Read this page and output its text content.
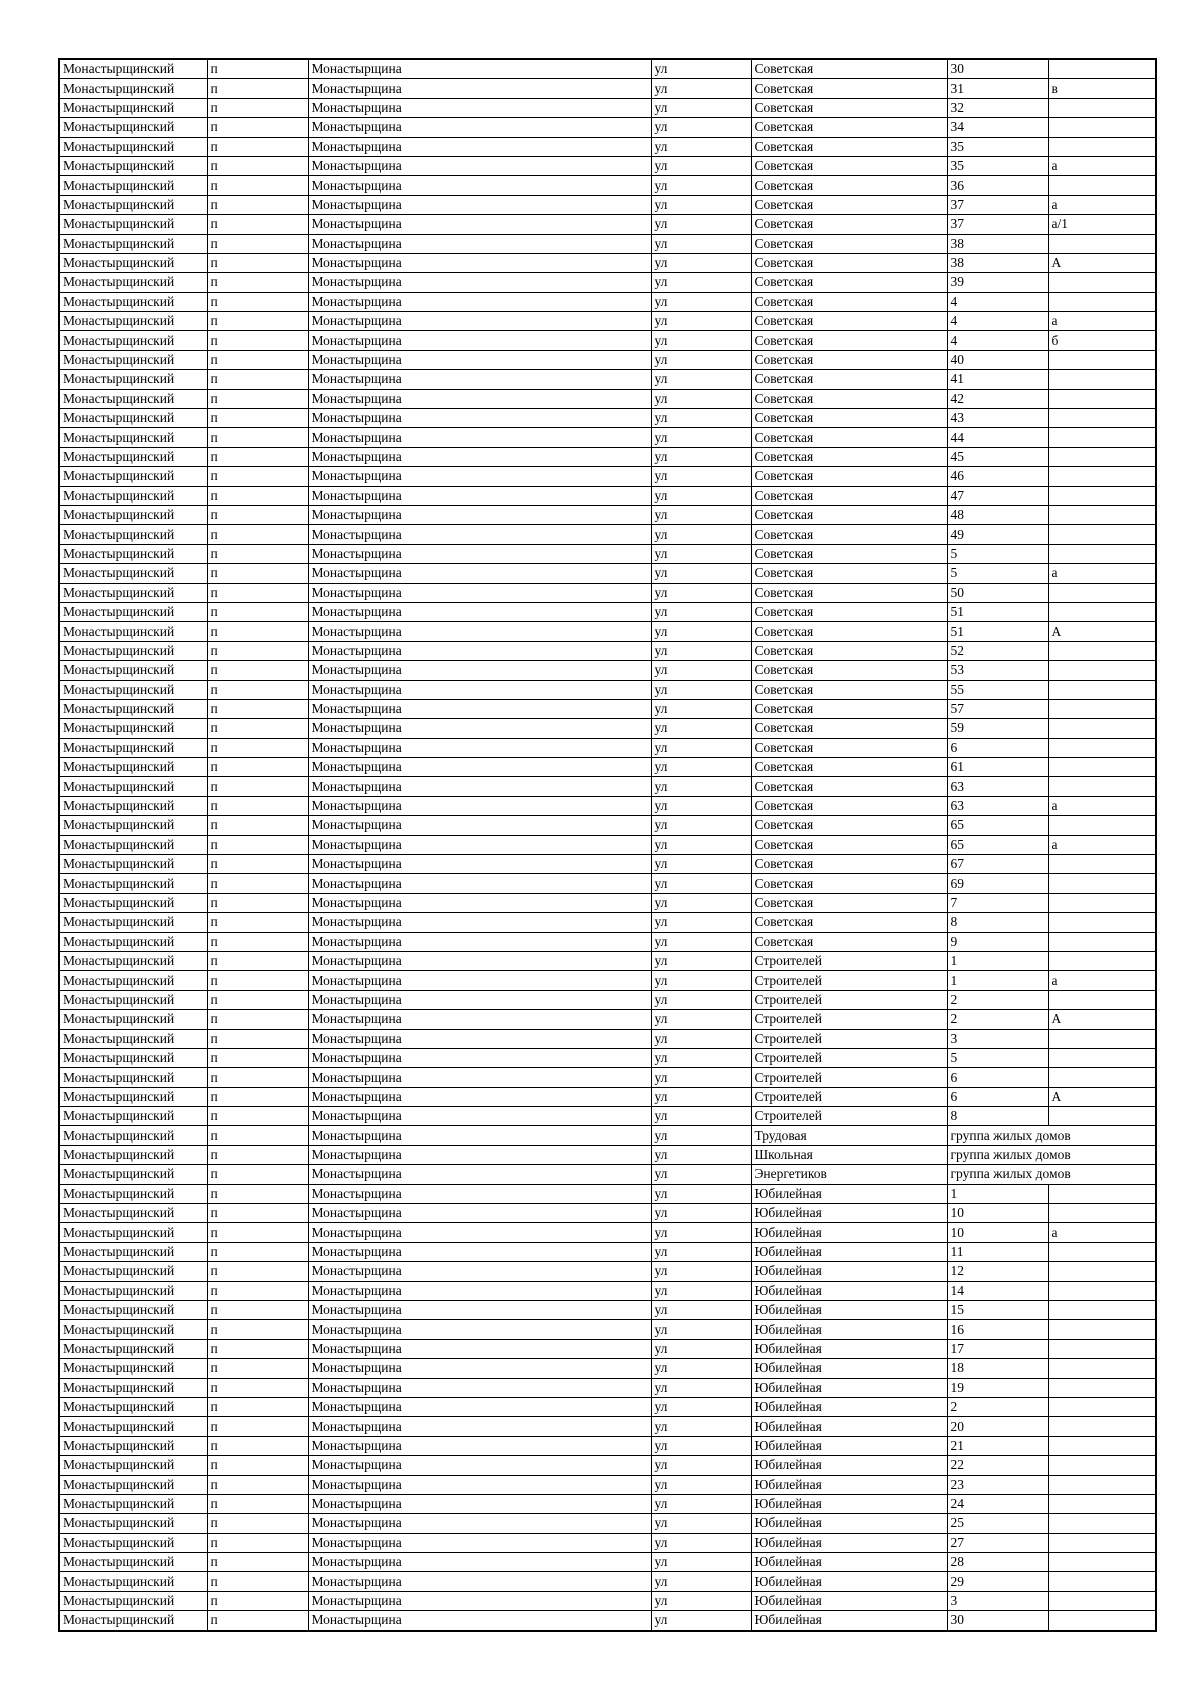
Монастырщинский	п	Монастырщина	ул	Советская	30	
Монастырщинский	п	Монастырщина	ул	Советская	31	в
Монастырщинский	п	Монастырщина	ул	Советская	32	
Монастырщинский	п	Монастырщина	ул	Советская	34	
Монастырщинский	п	Монастырщина	ул	Советская	35	
Монастырщинский	п	Монастырщина	ул	Советская	35	а
Монастырщинский	п	Монастырщина	ул	Советская	36	
Монастырщинский	п	Монастырщина	ул	Советская	37	а
Монастырщинский	п	Монастырщина	ул	Советская	37	а/1
Монастырщинский	п	Монастырщина	ул	Советская	38	
Монастырщинский	п	Монастырщина	ул	Советская	38	А
Монастырщинский	п	Монастырщина	ул	Советская	39	
Монастырщинский	п	Монастырщина	ул	Советская	4	
Монастырщинский	п	Монастырщина	ул	Советская	4	а
Монастырщинский	п	Монастырщина	ул	Советская	4	б
Монастырщинский	п	Монастырщина	ул	Советская	40	
Монастырщинский	п	Монастырщина	ул	Советская	41	
Монастырщинский	п	Монастырщина	ул	Советская	42	
Монастырщинский	п	Монастырщина	ул	Советская	43	
Монастырщинский	п	Монастырщина	ул	Советская	44	
Монастырщинский	п	Монастырщина	ул	Советская	45	
Монастырщинский	п	Монастырщина	ул	Советская	46	
Монастырщинский	п	Монастырщина	ул	Советская	47	
Монастырщинский	п	Монастырщина	ул	Советская	48	
Монастырщинский	п	Монастырщина	ул	Советская	49	
Монастырщинский	п	Монастырщина	ул	Советская	5	
Монастырщинский	п	Монастырщина	ул	Советская	5	а
Монастырщинский	п	Монастырщина	ул	Советская	50	
Монастырщинский	п	Монастырщина	ул	Советская	51	
Монастырщинский	п	Монастырщина	ул	Советская	51	А
Монастырщинский	п	Монастырщина	ул	Советская	52	
Монастырщинский	п	Монастырщина	ул	Советская	53	
Монастырщинский	п	Монастырщина	ул	Советская	55	
Монастырщинский	п	Монастырщина	ул	Советская	57	
Монастырщинский	п	Монастырщина	ул	Советская	59	
Монастырщинский	п	Монастырщина	ул	Советская	6	
Монастырщинский	п	Монастырщина	ул	Советская	61	
Монастырщинский	п	Монастырщина	ул	Советская	63	
Монастырщинский	п	Монастырщина	ул	Советская	63	а
Монастырщинский	п	Монастырщина	ул	Советская	65	
Монастырщинский	п	Монастырщина	ул	Советская	65	а
Монастырщинский	п	Монастырщина	ул	Советская	67	
Монастырщинский	п	Монастырщина	ул	Советская	69	
Монастырщинский	п	Монастырщина	ул	Советская	7	
Монастырщинский	п	Монастырщина	ул	Советская	8	
Монастырщинский	п	Монастырщина	ул	Советская	9	
Монастырщинский	п	Монастырщина	ул	Строителей	1	
Монастырщинский	п	Монастырщина	ул	Строителей	1	а
Монастырщинский	п	Монастырщина	ул	Строителей	2	
Монастырщинский	п	Монастырщина	ул	Строителей	2	А
Монастырщинский	п	Монастырщина	ул	Строителей	3	
Монастырщинский	п	Монастырщина	ул	Строителей	5	
Монастырщинский	п	Монастырщина	ул	Строителей	6	
Монастырщинский	п	Монастырщина	ул	Строителей	6	А
Монастырщинский	п	Монастырщина	ул	Строителей	8	
Монастырщинский	п	Монастырщина	ул	Трудовая	группа жилых домов	
Монастырщинский	п	Монастырщина	ул	Школьная	группа жилых домов	
Монастырщинский	п	Монастырщина	ул	Энергетиков	группа жилых домов	
Монастырщинский	п	Монастырщина	ул	Юбилейная	1	
Монастырщинский	п	Монастырщина	ул	Юбилейная	10	
Монастырщинский	п	Монастырщина	ул	Юбилейная	10	а
Монастырщинский	п	Монастырщина	ул	Юбилейная	11	
Монастырщинский	п	Монастырщина	ул	Юбилейная	12	
Монастырщинский	п	Монастырщина	ул	Юбилейная	14	
Монастырщинский	п	Монастырщина	ул	Юбилейная	15	
Монастырщинский	п	Монастырщина	ул	Юбилейная	16	
Монастырщинский	п	Монастырщина	ул	Юбилейная	17	
Монастырщинский	п	Монастырщина	ул	Юбилейная	18	
Монастырщинский	п	Монастырщина	ул	Юбилейная	19	
Монастырщинский	п	Монастырщина	ул	Юбилейная	2	
Монастырщинский	п	Монастырщина	ул	Юбилейная	20	
Монастырщинский	п	Монастырщина	ул	Юбилейная	21	
Монастырщинский	п	Монастырщина	ул	Юбилейная	22	
Монастырщинский	п	Монастырщина	ул	Юбилейная	23	
Монастырщинский	п	Монастырщина	ул	Юбилейная	24	
Монастырщинский	п	Монастырщина	ул	Юбилейная	25	
Монастырщинский	п	Монастырщина	ул	Юбилейная	27	
Монастырщинский	п	Монастырщина	ул	Юбилейная	28	
Монастырщинский	п	Монастырщина	ул	Юбилейная	29	
Монастырщинский	п	Монастырщина	ул	Юбилейная	3	
Монастырщинский	п	Монастырщина	ул	Юбилейная	30	
